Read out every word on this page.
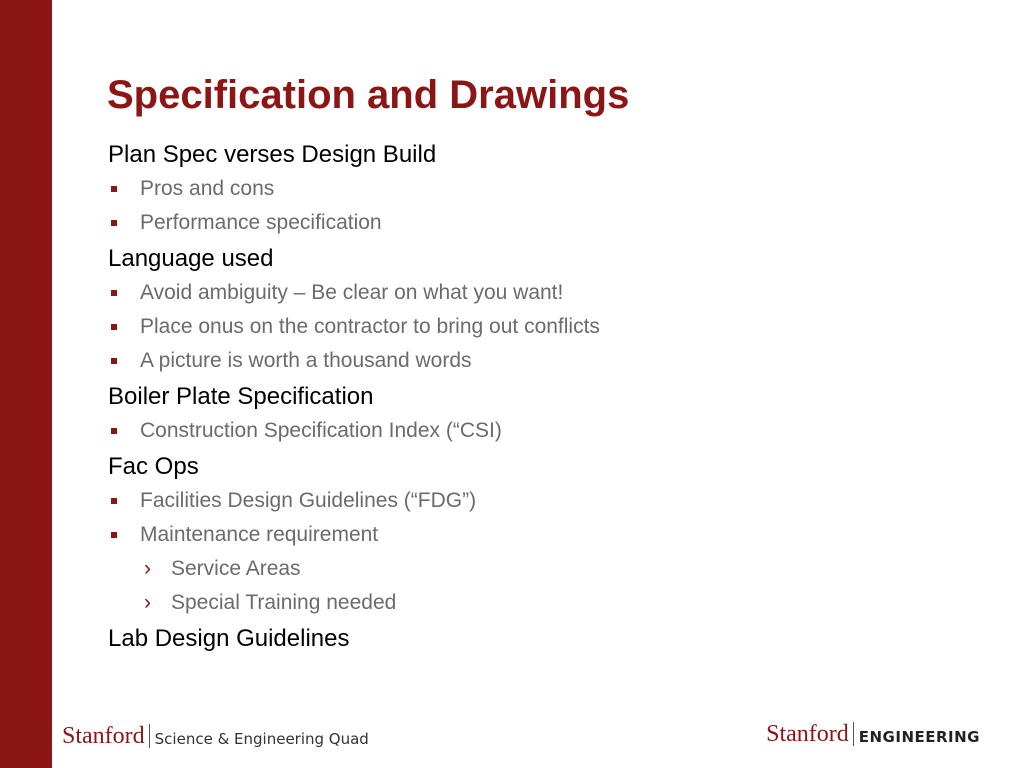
Specification and Drawings
Plan Spec verses Design Build
Pros and cons
Performance specification
Language used
Avoid ambiguity – Be clear on what you want!
Place onus on the contractor to bring out conflicts
A picture is worth a thousand words
Boiler Plate Specification
Construction Specification Index (“CSI)
Fac Ops
Facilities Design Guidelines (“FDG”)
Maintenance requirement
› Service Areas
› Special Training needed
Lab Design Guidelines
Stanford Science & Engineering Quad	Stanford ENGINEERING
